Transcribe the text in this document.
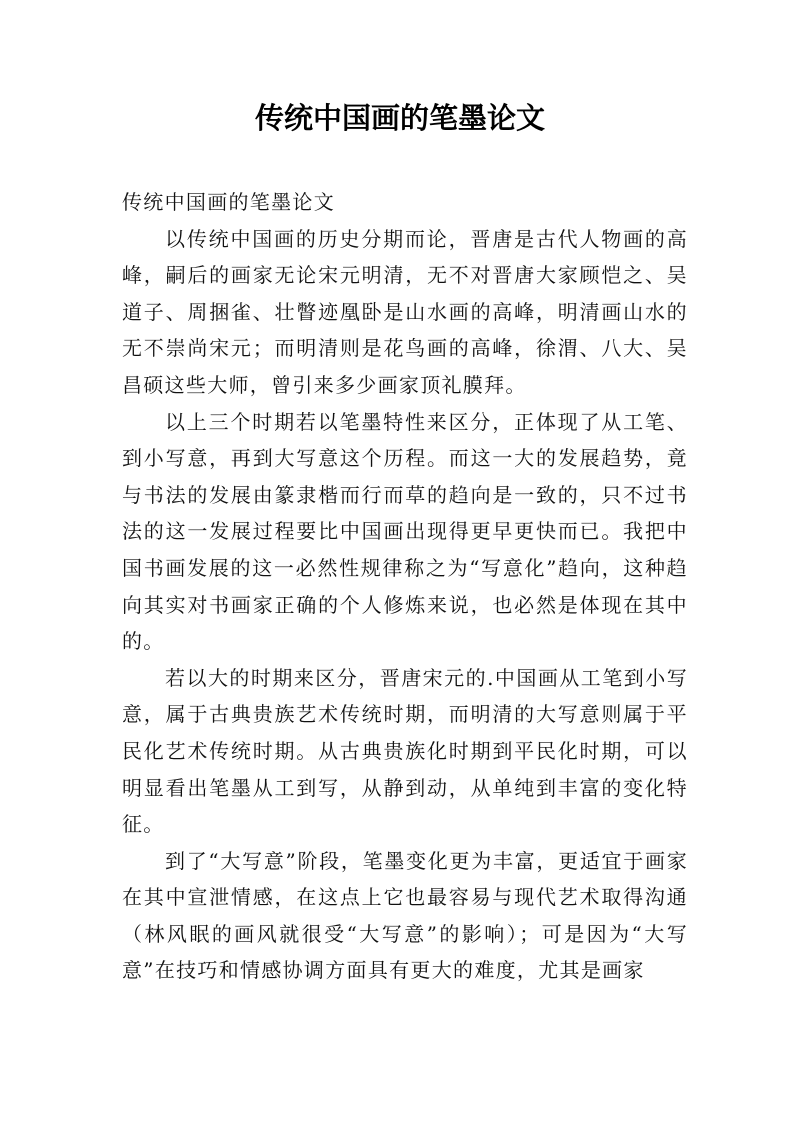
传统中国画的笔墨论文

传统中国画的笔墨论文

以传统中国画的历史分期而论，晋唐是古代人物画的高峰，嗣后的画家无论宋元明清，无不对晋唐大家顾恺之、吴道子、周捆雀、壮瞥迹凰卧是山水画的高峰，明清画山水的无不崇尚宋元；而明清则是花鸟画的高峰，徐渭、八大、吴昌硕这些大师，曾引来多少画家顶礼膜拜。

以上三个时期若以笔墨特性来区分，正体现了从工笔、到小写意，再到大写意这个历程。而这一大的发展趋势，竟与书法的发展由篆隶楷而行而草的趋向是一致的，只不过书法的这一发展过程要比中国画出现得更早更快而已。我把中国书画发展的这一必然性规律称之为“写意化”趋向，这种趋向其实对书画家正确的个人修炼来说，也必然是体现在其中的。

若以大的时期来区分，晋唐宋元的.中国画从工笔到小写意，属于古典贵族艺术传统时期，而明清的大写意则属于平民化艺术传统时期。从古典贵族化时期到平民化时期，可以明显看出笔墨从工到写，从静到动，从单纯到丰富的变化特征。

到了“大写意”阶段，笔墨变化更为丰富，更适宜于画家在其中宣泄情感，在这点上它也最容易与现代艺术取得沟通（林风眠的画风就很受“大写意”的影响）；可是因为“大写意”在技巧和情感协调方面具有更大的难度，尤其是画家
